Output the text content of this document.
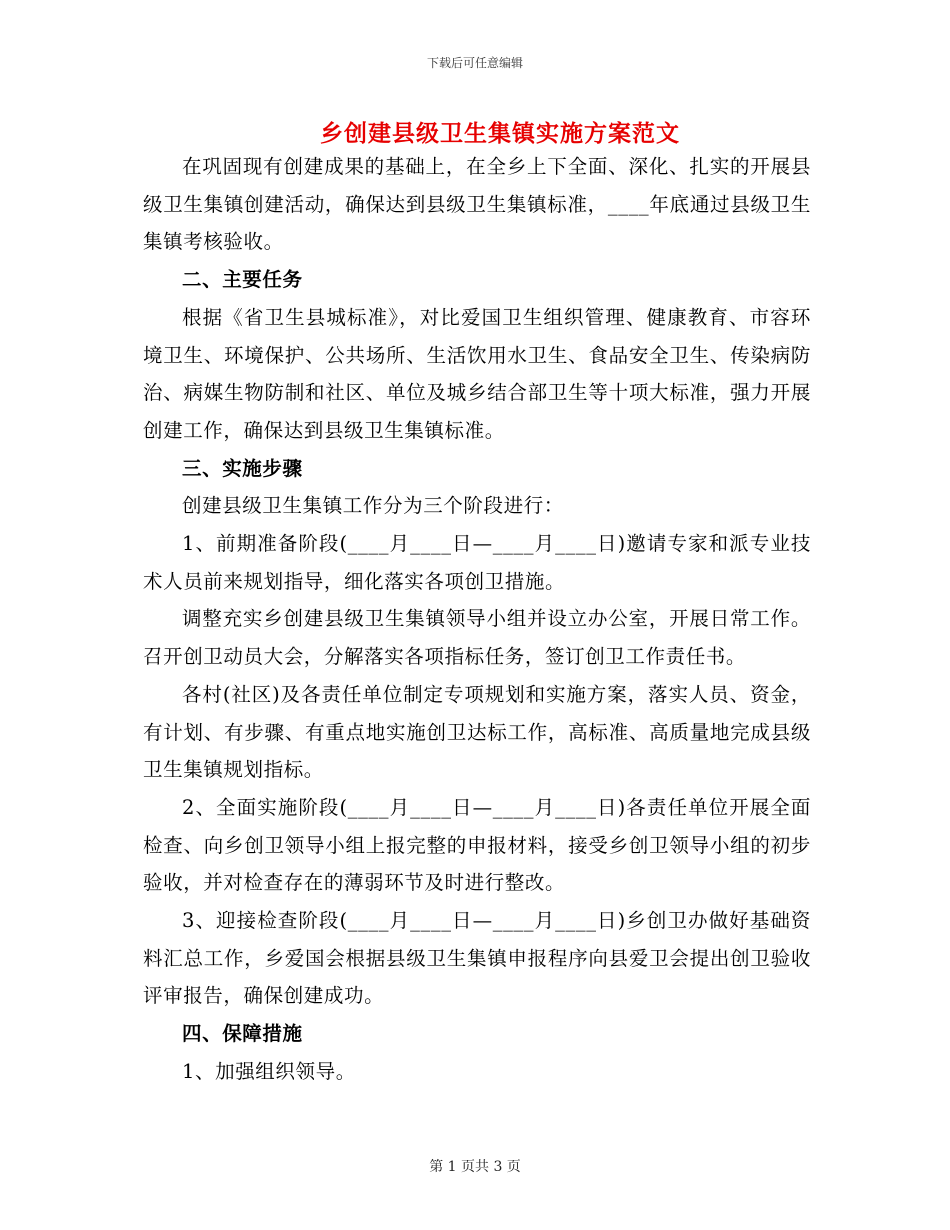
下载后可任意编辑
乡创建县级卫生集镇实施方案范文

在巩固现有创建成果的基础上，在全乡上下全面、深化、扎实的开展县级卫生集镇创建活动，确保达到县级卫生集镇标准，____年底通过县级卫生集镇考核验收。

二、主要任务

根据《省卫生县城标准》，对比爱国卫生组织管理、健康教育、市容环境卫生、环境保护、公共场所、生活饮用水卫生、食品安全卫生、传染病防治、病媒生物防制和社区、单位及城乡结合部卫生等十项大标准，强力开展创建工作，确保达到县级卫生集镇标准。

三、实施步骤

创建县级卫生集镇工作分为三个阶段进行：

1、前期准备阶段(____月____日—____月____日)邀请专家和派专业技术人员前来规划指导，细化落实各项创卫措施。

调整充实乡创建县级卫生集镇领导小组并设立办公室，开展日常工作。召开创卫动员大会，分解落实各项指标任务，签订创卫工作责任书。

各村(社区)及各责任单位制定专项规划和实施方案，落实人员、资金，有计划、有步骤、有重点地实施创卫达标工作，高标准、高质量地完成县级卫生集镇规划指标。

2、全面实施阶段(____月____日—____月____日)各责任单位开展全面检查、向乡创卫领导小组上报完整的申报材料，接受乡创卫领导小组的初步验收，并对检查存在的薄弱环节及时进行整改。

3、迎接检查阶段(____月____日—____月____日)乡创卫办做好基础资料汇总工作，乡爱国会根据县级卫生集镇申报程序向县爱卫会提出创卫验收评审报告，确保创建成功。

四、保障措施

1、加强组织领导。

第 1 页共 3 页
